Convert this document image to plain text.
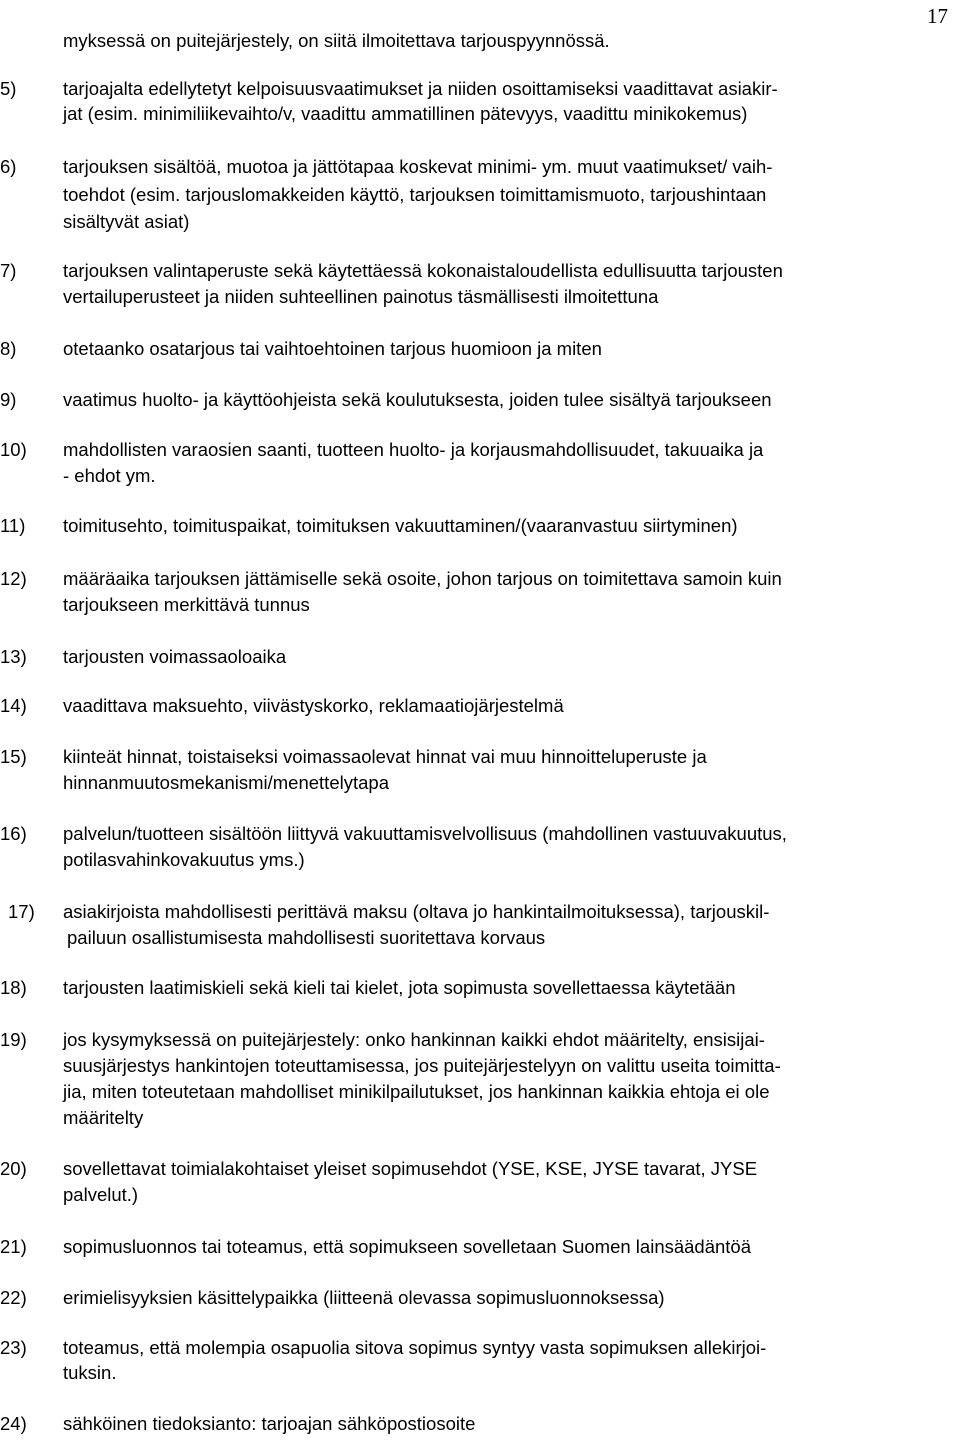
17
myksessä on puitejärjestely, on siitä ilmoitettava tarjouspyynnössä.
5)	tarjoajalta edellytetyt kelpoisuusvaatimukset ja niiden osoittamiseksi vaadittavat asiakir-
jat (esim. minimiliikevaihto/v, vaadittu ammatillinen pätevyys, vaadittu minikokemus)
6)	tarjouksen sisältöä, muotoa ja jättötapaa koskevat minimi- ym. muut vaatimukset/ vaih-
toehdot (esim. tarjouslomakkeiden käyttö, tarjouksen toimittamismuoto, tarjoushintaan
sisältyvät asiat)
7)	tarjouksen valintaperuste sekä käytettäessä kokonaistaloudellista edullisuutta tarjousten
vertailuperusteet ja niiden suhteellinen painotus täsmällisesti ilmoitettuna
8)	otetaanko osatarjous tai vaihtoehtoinen tarjous huomioon ja miten
9)	vaatimus huolto- ja käyttöohjeista sekä koulutuksesta, joiden tulee sisältyä tarjoukseen
10) mahdollisten varaosien saanti, tuotteen huolto- ja korjausmahdollisuudet, takuuaika ja
- ehdot ym.
11) toimitusehto, toimituspaikat, toimituksen vakuuttaminen/(vaaranvastuu siirtyminen)
12) määräaika tarjouksen jättämiselle sekä osoite, johon tarjous on toimitettava samoin kuin
tarjoukseen merkittävä tunnus
13) tarjousten voimassaoloaika
14) vaadittava maksuehto, viivästyskorko, reklamaatiojärjestelmä
15) kiinteät hinnat, toistaiseksi voimassaolevat hinnat vai muu hinnoitteluperuste ja
hinnanmuutosmekanismi/menettelytapa
16) palvelun/tuotteen sisältöön liittyvä vakuuttamisvelvollisuus (mahdollinen vastuuvakuutus,
potilasvahinkovakuutus yms.)
17) asiakirjoista mahdollisesti perittävä maksu (oltava jo hankintailmoituksessa), tarjouskil-
pailuun osallistumisesta mahdollisesti suoritettava korvaus
18) tarjousten laatimiskieli sekä kieli tai kielet, jota sopimusta sovellettaessa käytetään
19) jos kysymyksessä on puitejärjestely: onko hankinnan kaikki ehdot määritelty, ensisijai-
suusjärjestys hankintojen toteuttamisessa, jos puitejärjestelyyn on valittu useita toimitta-
jia, miten toteutetaan mahdolliset minikilpailutukset, jos hankinnan kaikkia ehtoja ei ole
määritelty
20) sovellettavat toimialakohtaiset yleiset sopimusehdot (YSE, KSE, JYSE tavarat, JYSE
palvelut.)
21) sopimusluonnos tai toteamus, että sopimukseen sovelletaan Suomen lainsäädäntöä
22) erimielisyyksien käsittelypaikka (liitteenä olevassa sopimusluonnoksessa)
23) toteamus, että molempia osapuolia sitova sopimus syntyy vasta sopimuksen allekirjoi-
tuksin.
24) sähköinen tiedoksianto: tarjoajan sähköpostiosoite
